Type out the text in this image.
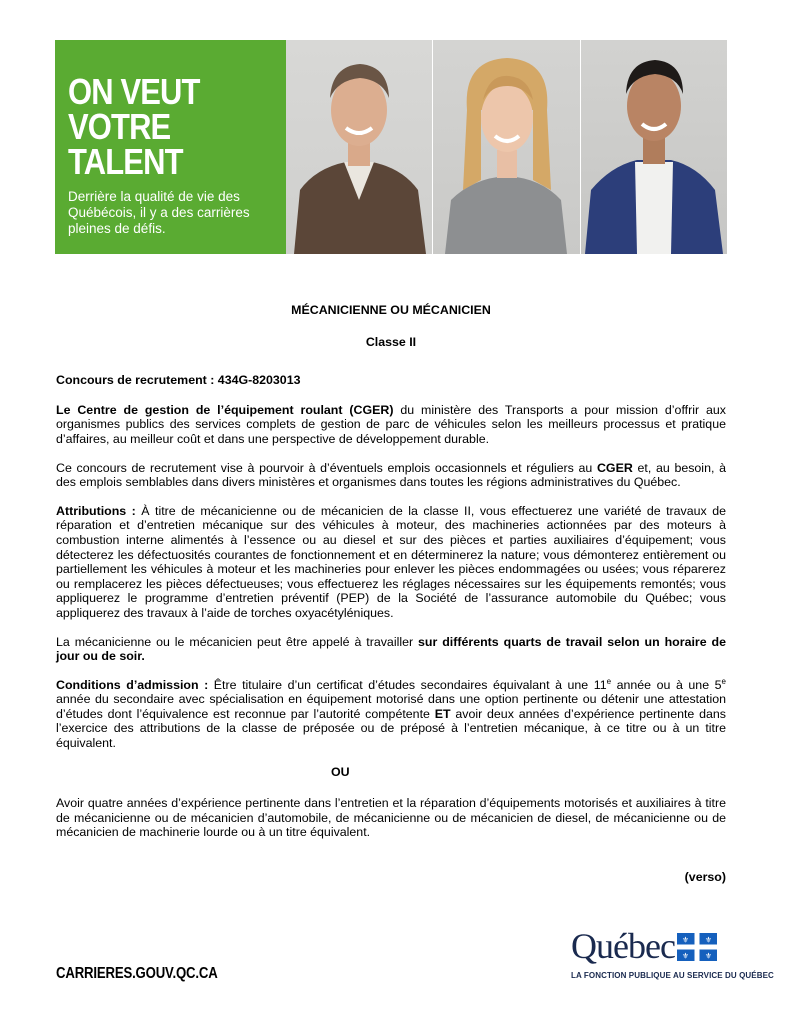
ON VEUT
VOTRE
TALENT
Derrière la qualité de vie des Québécois, il y a des carrières pleines de défis.
MÉCANICIENNE OU MÉCANICIEN
Classe II
Concours de recrutement : 434G-8203013
Le Centre de gestion de l’équipement roulant (CGER) du ministère des Transports a pour mission d’offrir aux organismes publics des services complets de gestion de parc de véhicules selon les meilleurs processus et pratique d’affaires, au meilleur coût et dans une perspective de développement durable.
Ce concours de recrutement vise à pourvoir à d’éventuels emplois occasionnels et réguliers au CGER et, au besoin, à des emplois semblables dans divers ministères et organismes dans toutes les régions administratives du Québec.
Attributions : À titre de mécanicienne ou de mécanicien de la classe II, vous effectuerez une variété de travaux de réparation et d’entretien mécanique sur des véhicules à moteur, des machineries actionnées par des moteurs à combustion interne alimentés à l’essence ou au diesel et sur des pièces et parties auxiliaires d’équipement; vous détecterez les défectuosités courantes de fonctionnement et en déterminerez la nature; vous démonterez entièrement ou partiellement les véhicules à moteur et les machineries pour enlever les pièces endommagées ou usées; vous réparerez ou remplacerez les pièces défectueuses; vous effectuerez les réglages nécessaires sur les équipements remontés; vous appliquerez le programme d’entretien préventif (PEP) de la Société de l’assurance automobile du Québec; vous appliquerez des travaux à l’aide de torches oxyacétyléniques.
La mécanicienne ou le mécanicien peut être appelé à travailler sur différents quarts de travail selon un horaire de jour ou de soir.
Conditions d’admission : Être titulaire d’un certificat d’études secondaires équivalant à une 11e année ou à une 5e année du secondaire avec spécialisation en équipement motorisé dans une option pertinente ou détenir une attestation d’études dont l’équivalence est reconnue par l’autorité compétente ET avoir deux années d’expérience pertinente dans l’exercice des attributions de la classe de préposée ou de préposé à l’entretien mécanique, à ce titre ou à un titre équivalent.
OU
Avoir quatre années d’expérience pertinente dans l’entretien et la réparation d’équipements motorisés et auxiliaires à titre de mécanicienne ou de mécanicien d’automobile, de mécanicienne ou de mécanicien de diesel, de mécanicienne ou de mécanicien de machinerie lourde ou à un titre équivalent.
(verso)
CARRIERES.GOUV.QC.CA
Québec ⚜ ⚜
⚜ ⚜
LA FONCTION PUBLIQUE AU SERVICE DU QUÉBEC
